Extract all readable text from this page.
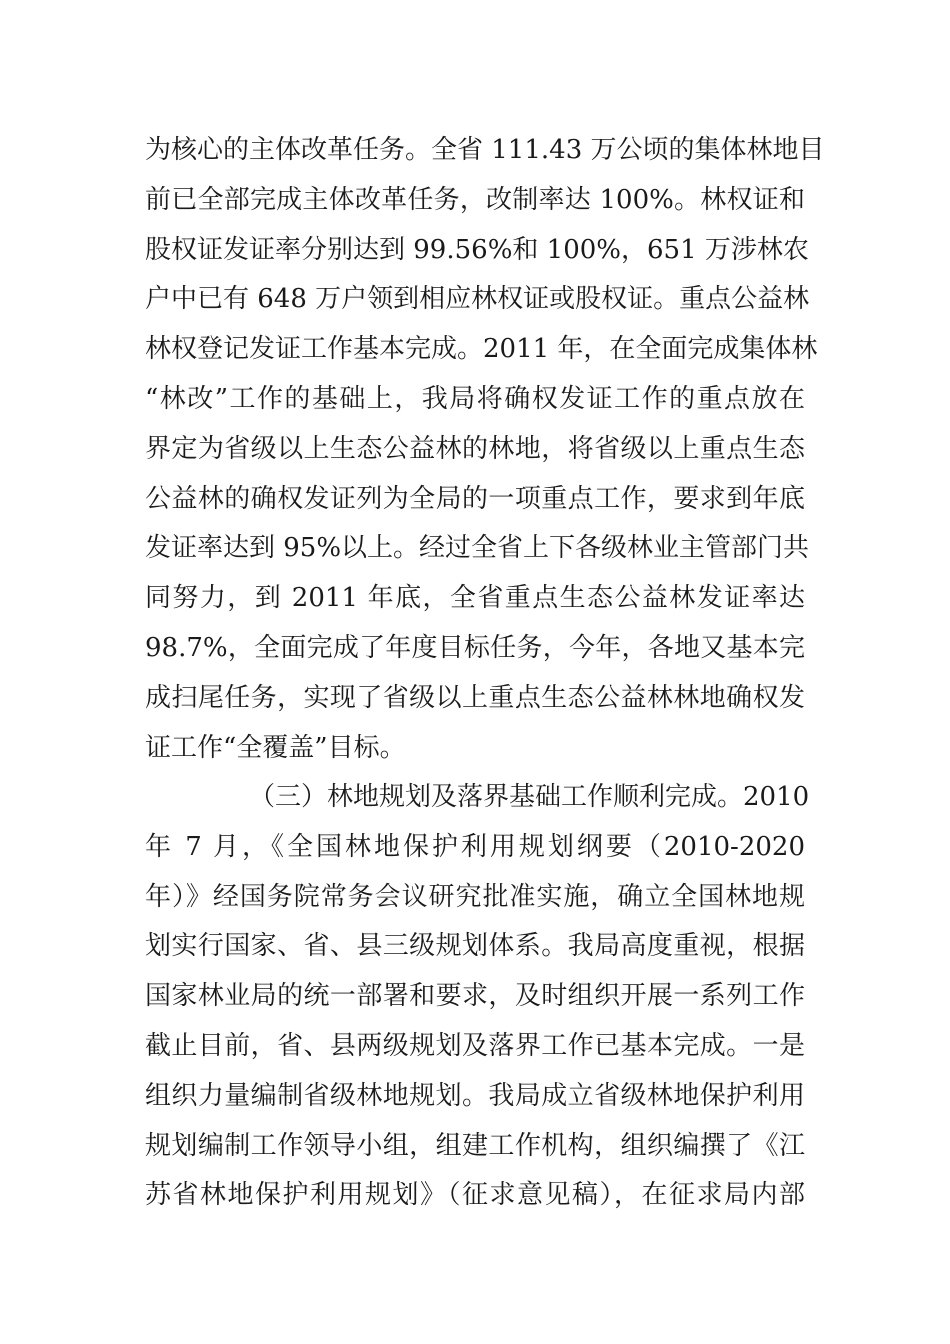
为核心的主体改革任务。全省 111.43 万公顷的集体林地目
前已全部完成主体改革任务，改制率达 100%。林权证和
股权证发证率分别达到 99.56%和 100%，651 万涉林农
户中已有 648 万户领到相应林权证或股权证。重点公益林
林权登记发证工作基本完成。2011 年，在全面完成集体林
“林改”工作的基础上，我局将确权发证工作的重点放在
界定为省级以上生态公益林的林地，将省级以上重点生态
公益林的确权发证列为全局的一项重点工作，要求到年底
发证率达到 95%以上。经过全省上下各级林业主管部门共
同努力，到 2011 年底，全省重点生态公益林发证率达
98.7%，全面完成了年度目标任务，今年，各地又基本完
成扫尾任务，实现了省级以上重点生态公益林林地确权发
证工作“全覆盖”目标。
（三）林地规划及落界基础工作顺利完成。2010
年 7 月，《全国林地保护利用规划纲要（2010-2020
年）》经国务院常务会议研究批准实施，确立全国林地规
划实行国家、省、县三级规划体系。我局高度重视，根据
国家林业局的统一部署和要求，及时组织开展一系列工作
截止目前，省、县两级规划及落界工作已基本完成。一是
组织力量编制省级林地规划。我局成立省级林地保护利用
规划编制工作领导小组，组建工作机构，组织编撰了《江
苏省林地保护利用规划》（征求意见稿），在征求局内部
